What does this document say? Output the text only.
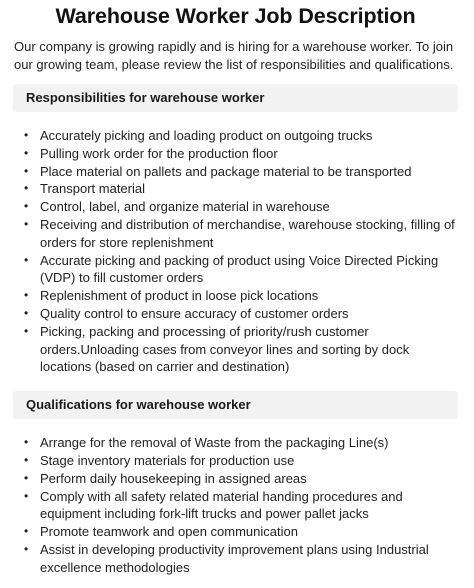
Warehouse Worker Job Description

Our company is growing rapidly and is hiring for a warehouse worker. To join our growing team, please review the list of responsibilities and qualifications.

Responsibilities for warehouse worker
• Accurately picking and loading product on outgoing trucks
• Pulling work order for the production floor
• Place material on pallets and package material to be transported
• Transport material
• Control, label, and organize material in warehouse
• Receiving and distribution of merchandise, warehouse stocking, filling of orders for store replenishment
• Accurate picking and packing of product using Voice Directed Picking (VDP) to fill customer orders
• Replenishment of product in loose pick locations
• Quality control to ensure accuracy of customer orders
• Picking, packing and processing of priority/rush customer orders.Unloading cases from conveyor lines and sorting by dock locations (based on carrier and destination)
Qualifications for warehouse worker
• Arrange for the removal of Waste from the packaging Line(s)
• Stage inventory materials for production use
• Perform daily housekeeping in assigned areas
• Comply with all safety related material handing procedures and equipment including fork-lift trucks and power pallet jacks
• Promote teamwork and open communication
• Assist in developing productivity improvement plans using Industrial excellence methodologies
